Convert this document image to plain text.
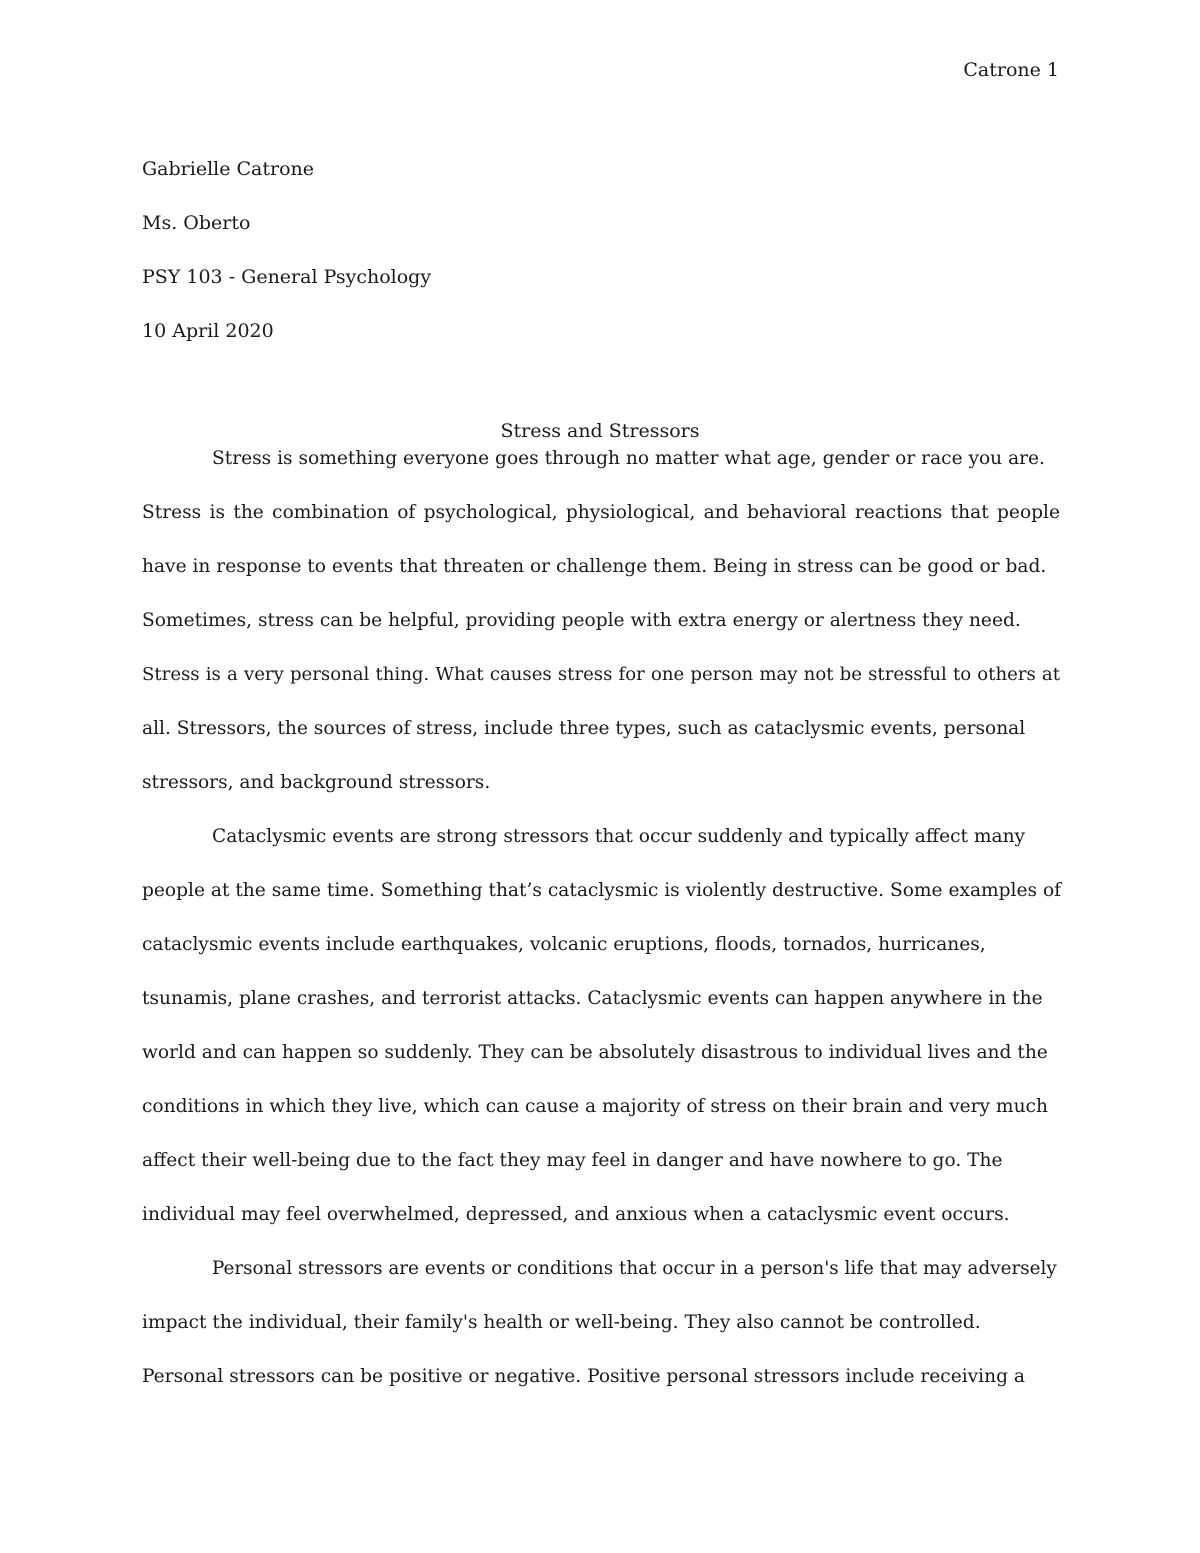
Catrone 1
Gabrielle Catrone
Ms. Oberto
PSY 103 - General Psychology
10 April 2020
Stress and Stressors
Stress is something everyone goes through no matter what age, gender or race you are.
Stress is the combination of psychological, physiological, and behavioral reactions that people
have in response to events that threaten or challenge them. Being in stress can be good or bad.
Sometimes, stress can be helpful, providing people with extra energy or alertness they need.
Stress is a very personal thing. What causes stress for one person may not be stressful to others at
all. Stressors, the sources of stress, include three types, such as cataclysmic events, personal
stressors, and background stressors.
Cataclysmic events are strong stressors that occur suddenly and typically affect many
people at the same time. Something that’s cataclysmic is violently destructive. Some examples of
cataclysmic events include earthquakes, volcanic eruptions, floods, tornados, hurricanes,
tsunamis, plane crashes, and terrorist attacks. Cataclysmic events can happen anywhere in the
world and can happen so suddenly. They can be absolutely disastrous to individual lives and the
conditions in which they live, which can cause a majority of stress on their brain and very much
affect their well-being due to the fact they may feel in danger and have nowhere to go. The
individual may feel overwhelmed, depressed, and anxious when a cataclysmic event occurs.
Personal stressors are events or conditions that occur in a person's life that may adversely
impact the individual, their family's health or well-being. They also cannot be controlled.
Personal stressors can be positive or negative. Positive personal stressors include receiving a
